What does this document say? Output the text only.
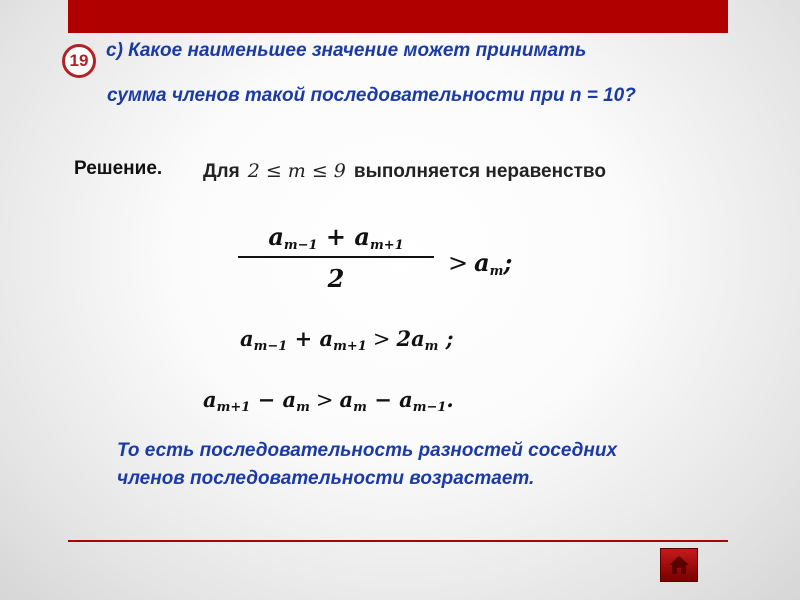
19 с) Какое наименьшее значение может принимать
сумма членов такой последовательности при n = 10?
Решение. Для 2 ≤ m ≤ 9 выполняется неравенство
$a_{m-1} + a_{m+1}$
2
> $a_m$;
$a_{m-1} + a_{m+1} > 2a_m$ ;
$a_{m+1} - a_m > a_m - a_{m-1}$.
То есть последовательность разностей соседних
членов последовательности возрастает.
